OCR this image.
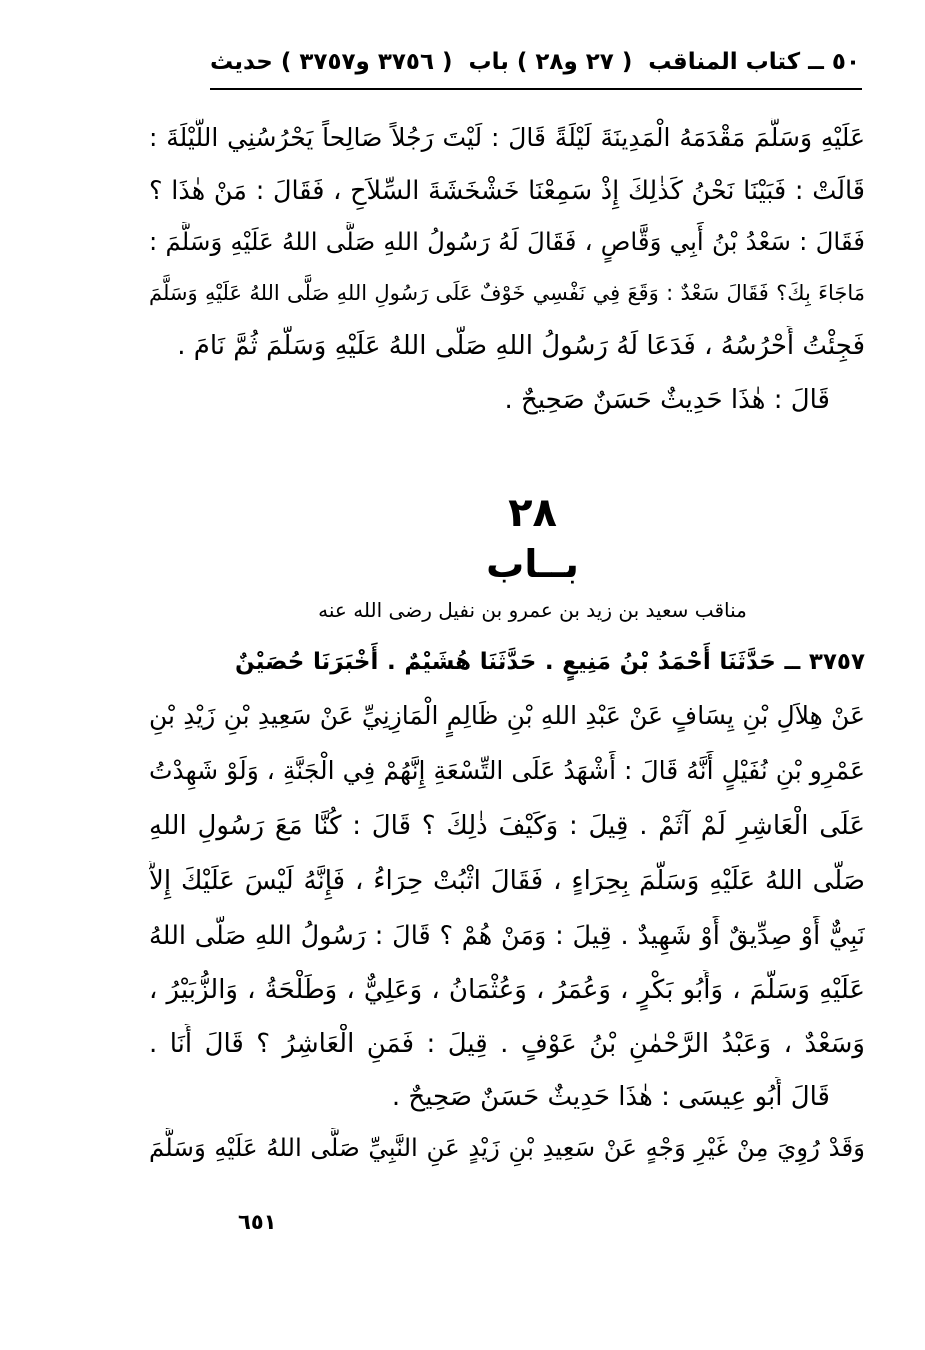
٥٠ ــ كتاب المناقب
( ٢٧ و٢٨ ) باب
( ٣٧٥٦ و٣٧٥٧ ) حديث
عَلَيْهِ وَسَلَّمَ مَقْدَمَهُ الْمَدِينَةَ لَيْلَةً قَالَ : لَيْتَ رَجُلاً صَالِحاً يَحْرُسُنِي اللَّيْلَةَ :
قَالَتْ : فَبَيْنَا نَحْنُ كَذٰلِكَ إِذْ سَمِعْنَا خَشْخَشَةَ السِّلاَحِ ، فَقَالَ : مَنْ هٰذَا ؟
فَقَالَ : سَعْدُ بْنُ أَبِي وَقَّاصٍ ، فَقَالَ لَهُ رَسُولُ اللهِ صَلَّى اللهُ عَلَيْهِ وَسَلَّمَ :
مَاجَاءَ بِكَ؟ فَقَالَ سَعْدٌ : وَقَعَ فِي نَفْسِي خَوْفٌ عَلَى رَسُولِ اللهِ صَلَّى اللهُ عَلَيْهِ وَسَلَّمَ
فَجِئْتُ أَحْرُسُهُ ، فَدَعَا لَهُ رَسُولُ اللهِ صَلَّى اللهُ عَلَيْهِ وَسَلَّمَ ثُمَّ نَامَ .
قَالَ : هٰذَا حَدِيثٌ حَسَنٌ صَحِيحٌ .
٢٨
بــاب
مناقب سعيد بن زيد بن عمرو بن نفيل رضى الله عنه
٣٧٥٧ ــ حَدَّثَنَا أَحْمَدُ بْنُ مَنِيعٍ . حَدَّثَنَا هُشَيْمٌ . أَخْبَرَنَا حُصَيْنٌ
عَنْ هِلاَلِ بْنِ يِسَافٍ عَنْ عَبْدِ اللهِ بْنِ ظَالِمٍ الْمَازِنِيِّ عَنْ سَعِيدِ بْنِ زَيْدِ بْنِ
عَمْرِو بْنِ نُفَيْلٍ أَنَّهُ قَالَ : أَشْهَدُ عَلَى التِّسْعَةِ إِنَّهُمْ فِي الْجَنَّةِ ، وَلَوْ شَهِدْتُ
عَلَى الْعَاشِرِ لَمْ آثَمْ . قِيلَ : وَكَيْفَ ذٰلِكَ ؟ قَالَ : كُنَّا مَعَ رَسُولِ اللهِ
صَلَّى اللهُ عَلَيْهِ وَسَلَّمَ بِحِرَاءٍ ، فَقَالَ اثْبُتْ حِرَاءُ ، فَإِنَّهُ لَيْسَ عَلَيْكَ إِلاَّ
نَبِيٌّ أَوْ صِدِّيقٌ أَوْ شَهِيدٌ . قِيلَ : وَمَنْ هُمْ ؟ قَالَ : رَسُولُ اللهِ صَلَّى اللهُ
عَلَيْهِ وَسَلَّمَ ، وَأَبُو بَكْرٍ ، وَعُمَرُ ، وَعُثْمَانُ ، وَعَلِيٌّ ، وَطَلْحَةُ ، وَالزُّبَيْرُ ،
وَسَعْدٌ ، وَعَبْدُ الرَّحْمٰنِ بْنُ عَوْفٍ . قِيلَ : فَمَنِ الْعَاشِرُ ؟ قَالَ أَنَا .
قَالَ أَبُو عِيسَى : هٰذَا حَدِيثٌ حَسَنٌ صَحِيحٌ .
وَقَدْ رُوِيَ مِنْ غَيْرِ وَجْهٍ عَنْ سَعِيدِ بْنِ زَيْدٍ عَنِ النَّبِيِّ صَلَّى اللهُ عَلَيْهِ وَسَلَّمَ
٦٥١
